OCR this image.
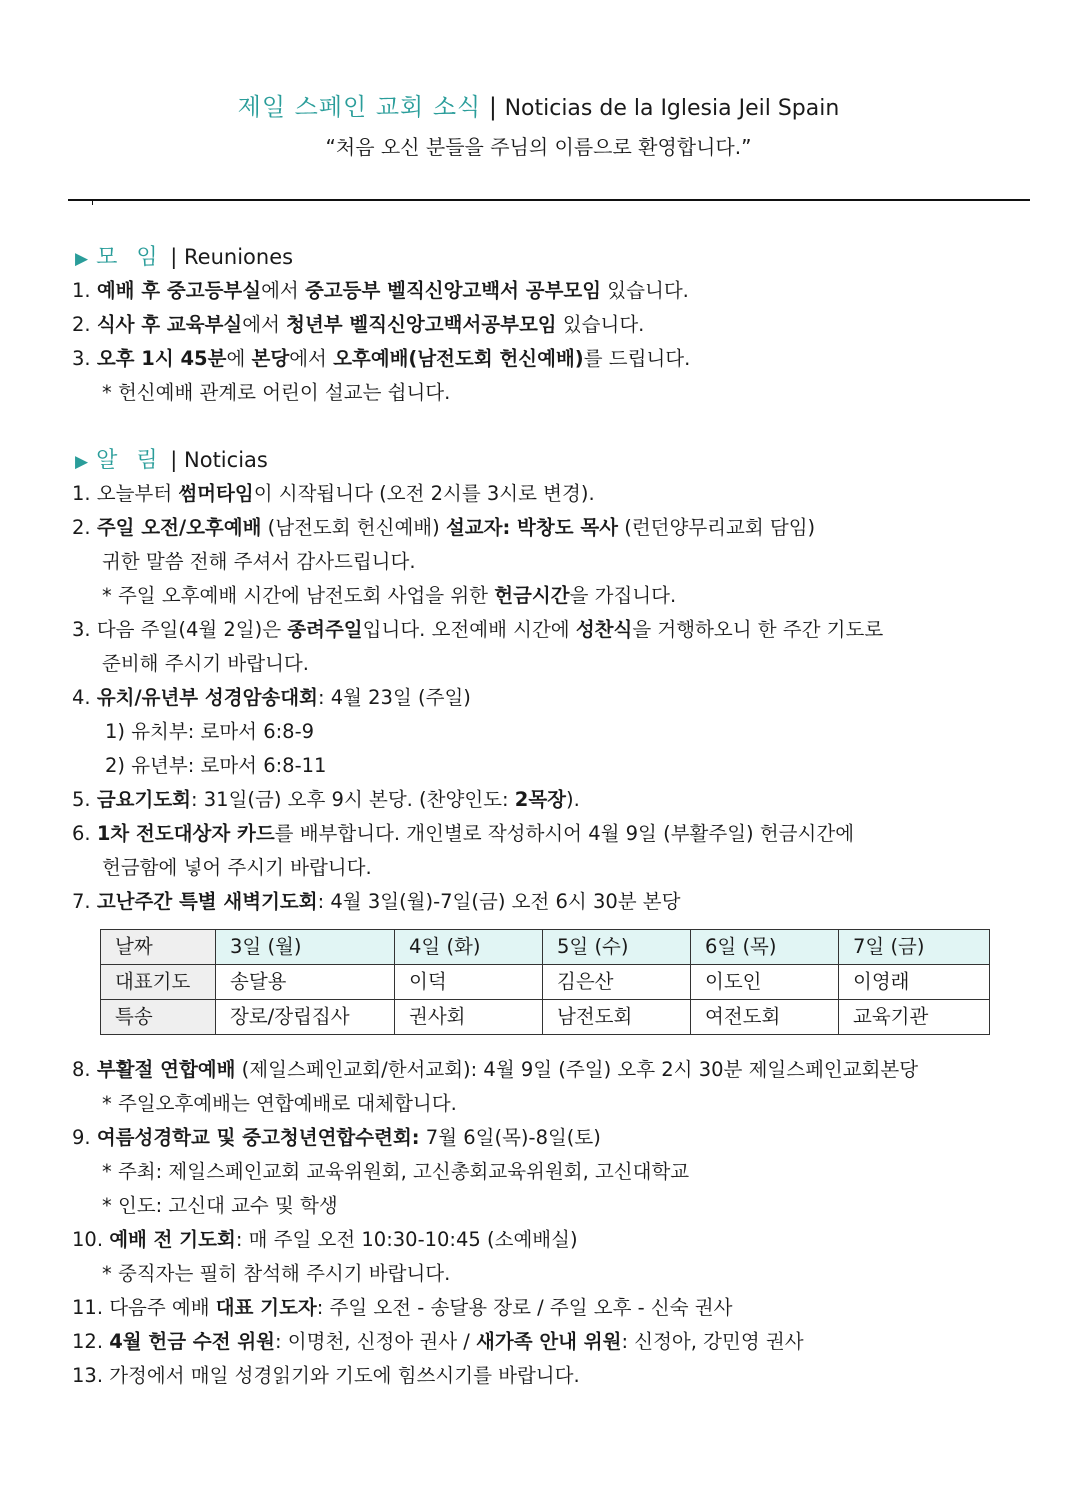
제일 스페인 교회 소식 | Noticias de la Iglesia Jeil Spain
“처음 오신 분들을 주님의 이름으로 환영합니다.”
▶ 모 임 | Reuniones
1. 예배 후 중고등부실에서 중고등부 벨직신앙고백서 공부모임 있습니다.
2. 식사 후 교육부실에서 청년부 벨직신앙고백서공부모임 있습니다.
3. 오후 1시 45분에 본당에서 오후예배(남전도회 헌신예배)를 드립니다.
* 헌신예배 관계로 어린이 설교는 쉽니다.
▶ 알 림 | Noticias
1. 오늘부터 썸머타임이 시작됩니다 (오전 2시를 3시로 변경).
2. 주일 오전/오후예배 (남전도회 헌신예배) 설교자: 박창도 목사 (런던양무리교회 담임)
귀한 말씀 전해 주셔서 감사드립니다.
* 주일 오후예배 시간에 남전도회 사업을 위한 헌금시간을 가집니다.
3. 다음 주일(4월 2일)은 종려주일입니다. 오전예배 시간에 성찬식을 거행하오니 한 주간 기도로
준비해 주시기 바랍니다.
4. 유치/유년부 성경암송대회: 4월 23일 (주일)
1) 유치부: 로마서 6:8-9
2) 유년부: 로마서 6:8-11
5. 금요기도회: 31일(금) 오후 9시 본당. (찬양인도: 2목장).
6. 1차 전도대상자 카드를 배부합니다. 개인별로 작성하시어 4월 9일 (부활주일) 헌금시간에
헌금함에 넣어 주시기 바랍니다.
7. 고난주간 특별 새벽기도회: 4월 3일(월)-7일(금) 오전 6시 30분 본당
날짜	3일 (월)	4일 (화)	5일 (수)	6일 (목)	7일 (금)
대표기도	송달용	이덕	김은산	이도인	이영래
특송	장로/장립집사	권사회	남전도회	여전도회	교육기관
8. 부활절 연합예배 (제일스페인교회/한서교회): 4월 9일 (주일) 오후 2시 30분 제일스페인교회본당
* 주일오후예배는 연합예배로 대체합니다.
9. 여름성경학교 및 중고청년연합수련회: 7월 6일(목)-8일(토)
* 주최: 제일스페인교회 교육위원회, 고신총회교육위원회, 고신대학교
* 인도: 고신대 교수 및 학생
10. 예배 전 기도회: 매 주일 오전 10:30-10:45 (소예배실)
* 중직자는 필히 참석해 주시기 바랍니다.
11. 다음주 예배 대표 기도자: 주일 오전 - 송달용 장로 / 주일 오후 - 신숙 권사
12. 4월 헌금 수전 위원: 이명천, 신정아 권사 / 새가족 안내 위원: 신정아, 강민영 권사
13. 가정에서 매일 성경읽기와 기도에 힘쓰시기를 바랍니다.
